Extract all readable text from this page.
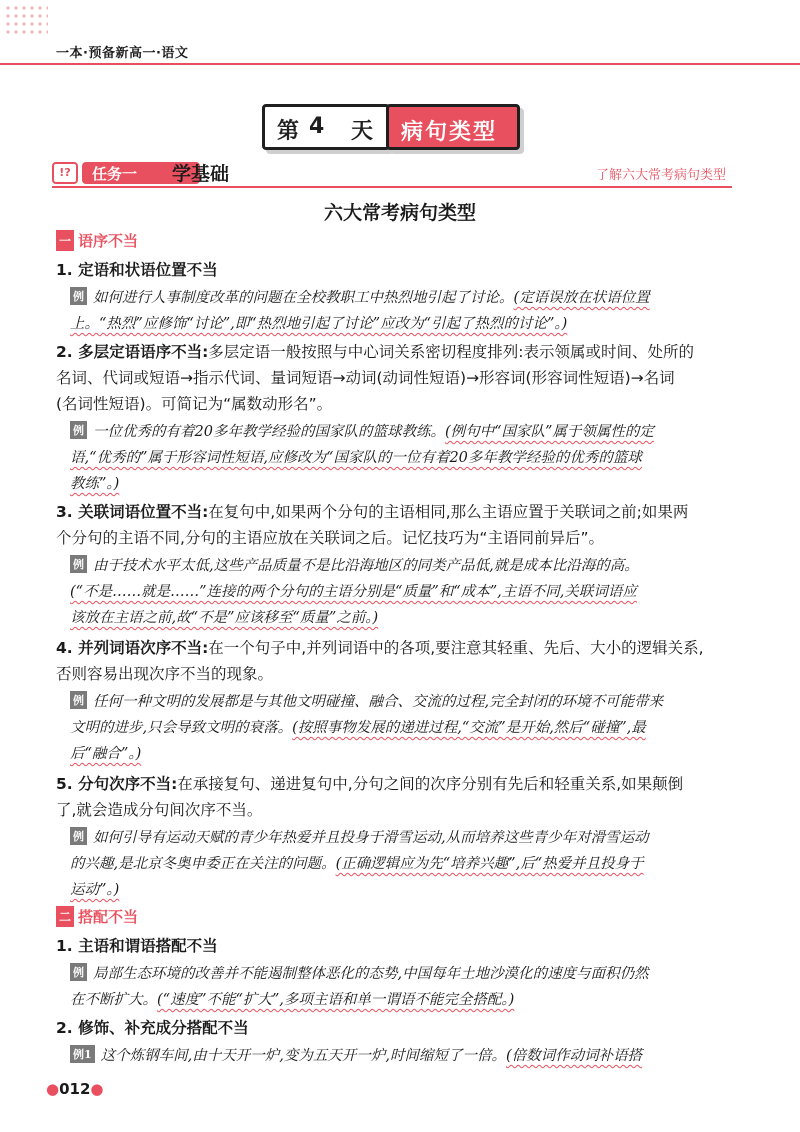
一本·预备新高一·语文
第 4 天 病句类型
!?	任务一 学基础	了解六大常考病句类型
六大常考病句类型
一 语序不当
1. 定语和状语位置不当
例 如何进行人事制度改革的问题在全校教职工中热烈地引起了讨论。(定语误放在状语位置
上。“热烈”应修饰“讨论”,即“热烈地引起了讨论”应改为“引起了热烈的讨论”。)
2. 多层定语语序不当:多层定语一般按照与中心词关系密切程度排列:表示领属或时间、处所的
名词、代词或短语→指示代词、量词短语→动词(动词性短语)→形容词(形容词性短语)→名词
(名词性短语)。可简记为“属数动形名”。
例 一位优秀的有着20多年教学经验的国家队的篮球教练。(例句中“国家队”属于领属性的定
语,“优秀的”属于形容词性短语,应修改为“国家队的一位有着20多年教学经验的优秀的篮球
教练”。)
3. 关联词语位置不当:在复句中,如果两个分句的主语相同,那么主语应置于关联词之前;如果两
个分句的主语不同,分句的主语应放在关联词之后。记忆技巧为“主语同前异后”。
例 由于技术水平太低,这些产品质量不是比沿海地区的同类产品低,就是成本比沿海的高。
(“不是……就是……”连接的两个分句的主语分别是“质量”和“成本”,主语不同,关联词语应
该放在主语之前,故“不是”应该移至“质量”之前。)
4. 并列词语次序不当:在一个句子中,并列词语中的各项,要注意其轻重、先后、大小的逻辑关系,
否则容易出现次序不当的现象。
例 任何一种文明的发展都是与其他文明碰撞、融合、交流的过程,完全封闭的环境不可能带来
文明的进步,只会导致文明的衰落。(按照事物发展的递进过程,“交流”是开始,然后“碰撞”,最
后“融合”。)
5. 分句次序不当:在承接复句、递进复句中,分句之间的次序分别有先后和轻重关系,如果颠倒
了,就会造成分句间次序不当。
例 如何引导有运动天赋的青少年热爱并且投身于滑雪运动,从而培养这些青少年对滑雪运动
的兴趣,是北京冬奥申委正在关注的问题。(正确逻辑应为先“培养兴趣”,后“热爱并且投身于
运动”。)
二 搭配不当
1. 主语和谓语搭配不当
例 局部生态环境的改善并不能遏制整体恶化的态势,中国每年土地沙漠化的速度与面积仍然
在不断扩大。(“速度”不能“扩大”,多项主语和单一谓语不能完全搭配。)
2. 修饰、补充成分搭配不当
例1 这个炼钢车间,由十天开一炉,变为五天开一炉,时间缩短了一倍。(倍数词作动词补语搭
●012●
